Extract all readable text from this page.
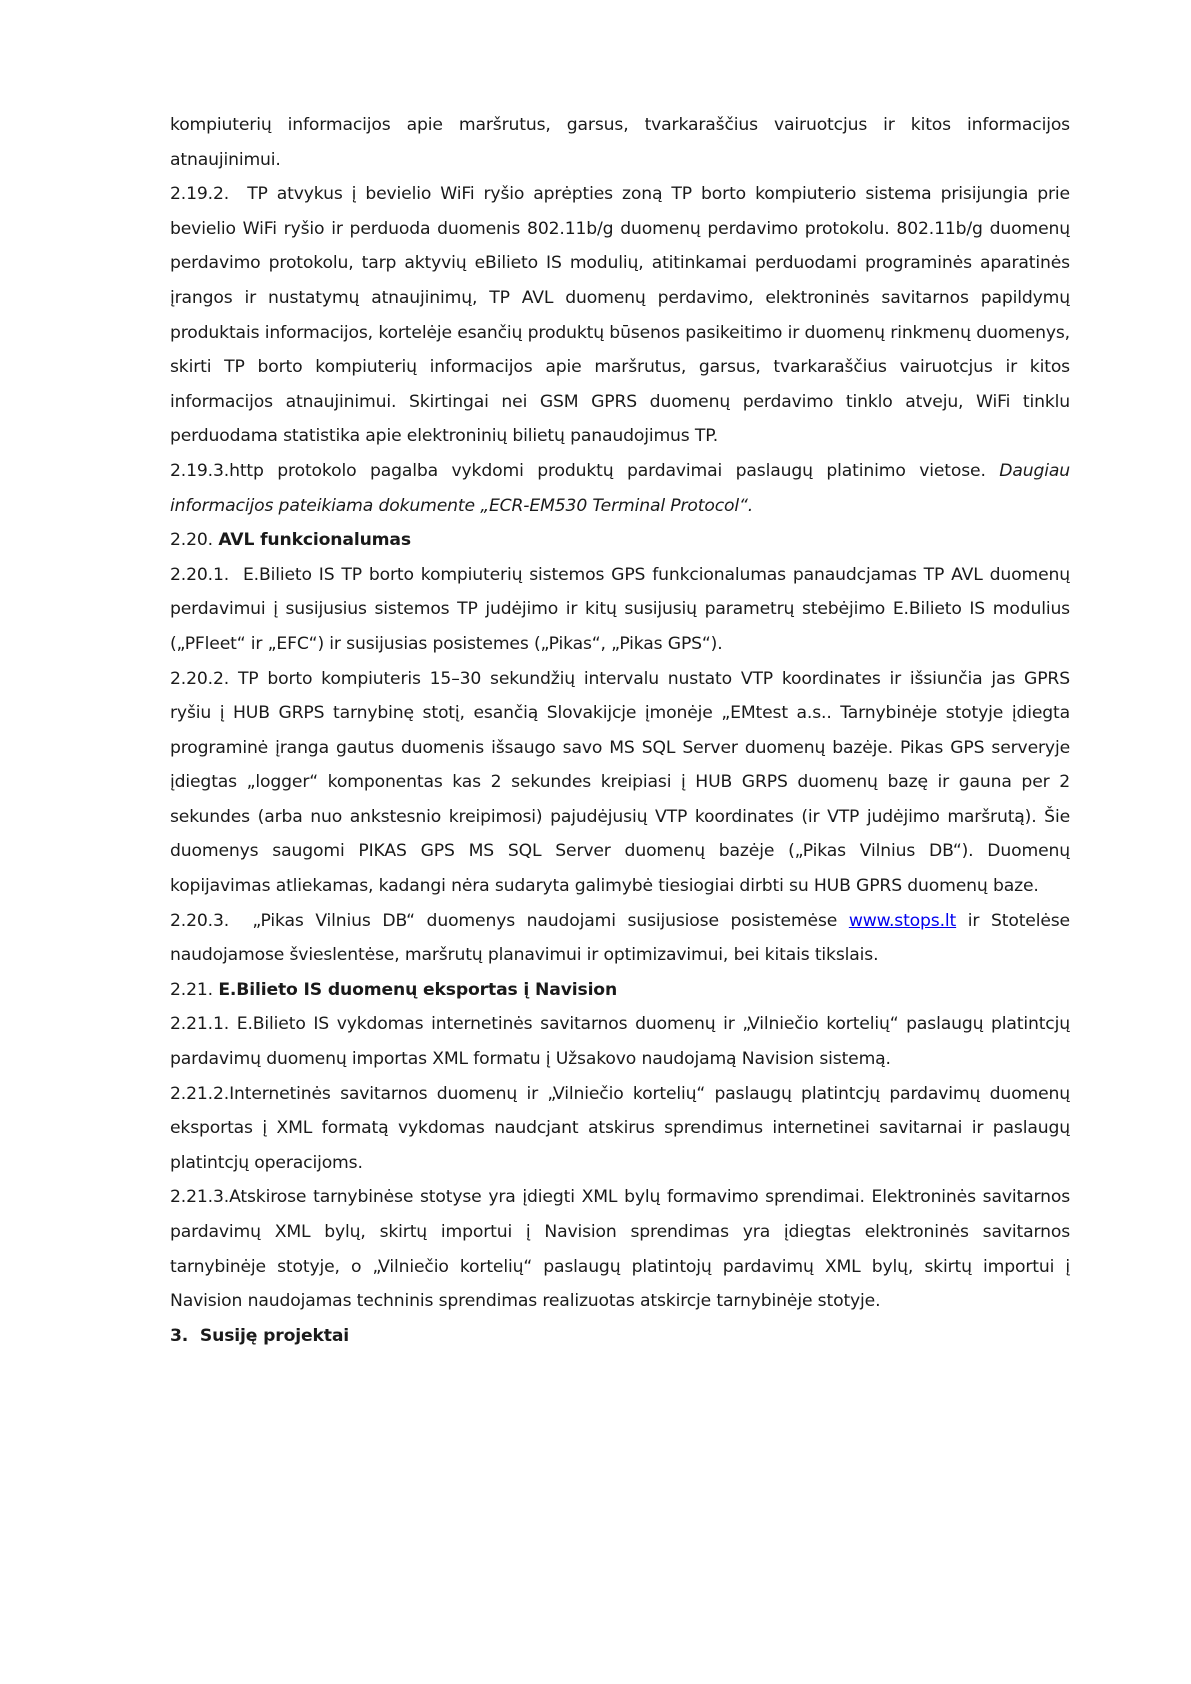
kompiuterių informacijos apie maršrutus, garsus, tvarkaraščius vairuotcjus ir kitos informacijos atnaujinimui.

2.19.2. TP atvykus į bevielio WiFi ryšio aprėpties zoną TP borto kompiuterio sistema prisijungia prie bevielio WiFi ryšio ir perduoda duomenis 802.11b/g duomenų perdavimo protokolu. 802.11b/g duomenų perdavimo protokolu, tarp aktyvių eBilieto IS modulių, atitinkamai perduodami programinės aparatinės įrangos ir nustatymų atnaujinimų, TP AVL duomenų perdavimo, elektroninės savitarnos papildymų produktais informacijos, kortelėje esančių produktų būsenos pasikeitimo ir duomenų rinkmenų duomenys, skirti TP borto kompiuterių informacijos apie maršrutus, garsus, tvarkaraščius vairuotcjus ir kitos informacijos atnaujinimui. Skirtingai nei GSM GPRS duomenų perdavimo tinklo atveju, WiFi tinklu perduodama statistika apie elektroninių bilietų panaudojimus TP.

2.19.3.http protokolo pagalba vykdomi produktų pardavimai paslaugų platinimo vietose. Daugiau informacijos pateikiama dokumente „ECR-EM530 Terminal Protocol“.

2.20. AVL funkcionalumas

2.20.1. E.Bilieto IS TP borto kompiuterių sistemos GPS funkcionalumas panaudcjamas TP AVL duomenų perdavimui į susijusius sistemos TP judėjimo ir kitų susijusių parametrų stebėjimo E.Bilieto IS modulius („PFleet“ ir „EFC“) ir susijusias posistemes („Pikas“, „Pikas GPS“).

2.20.2. TP borto kompiuteris 15–30 sekundžių intervalu nustato VTP koordinates ir išsiunčia jas GPRS ryšiu į HUB GRPS tarnybinę stotį, esančią Slovakijcje įmonėje „EMtest a.s.. Tarnybinėje stotyje įdiegta programinė įranga gautus duomenis išsaugo savo MS SQL Server duomenų bazėje. Pikas GPS serveryje įdiegtas „logger“ komponentas kas 2 sekundes kreipiasi į HUB GRPS duomenų bazę ir gauna per 2 sekundes (arba nuo ankstesnio kreipimosi) pajudėjusių VTP koordinates (ir VTP judėjimo maršrutą). Šie duomenys saugomi PIKAS GPS MS SQL Server duomenų bazėje („Pikas Vilnius DB“). Duomenų kopijavimas atliekamas, kadangi nėra sudaryta galimybė tiesiogiai dirbti su HUB GPRS duomenų baze.

2.20.3. „Pikas Vilnius DB“ duomenys naudojami susijusiose posistemėse www.stops.lt ir Stotelėse naudojamose švieslentėse, maršrutų planavimui ir optimizavimui, bei kitais tikslais.

2.21. E.Bilieto IS duomenų eksportas į Navision

2.21.1. E.Bilieto IS vykdomas internetinės savitarnos duomenų ir „Vilniečio kortelių“ paslaugų platintcjų pardavimų duomenų importas XML formatu į Užsakovo naudojamą Navision sistemą.

2.21.2.Internetinės savitarnos duomenų ir „Vilniečio kortelių“ paslaugų platintcjų pardavimų duomenų eksportas į XML formatą vykdomas naudcjant atskirus sprendimus internetinei savitarnai ir paslaugų platintcjų operacijoms.

2.21.3.Atskirose tarnybinėse stotyse yra įdiegti XML bylų formavimo sprendimai. Elektroninės savitarnos pardavimų XML bylų, skirtų importui į Navision sprendimas yra įdiegtas elektroninės savitarnos tarnybinėje stotyje, o „Vilniečio kortelių“ paslaugų platintojų pardavimų XML bylų, skirtų importui į Navision naudojamas techninis sprendimas realizuotas atskircje tarnybinėje stotyje.

3. Susiję projektai
